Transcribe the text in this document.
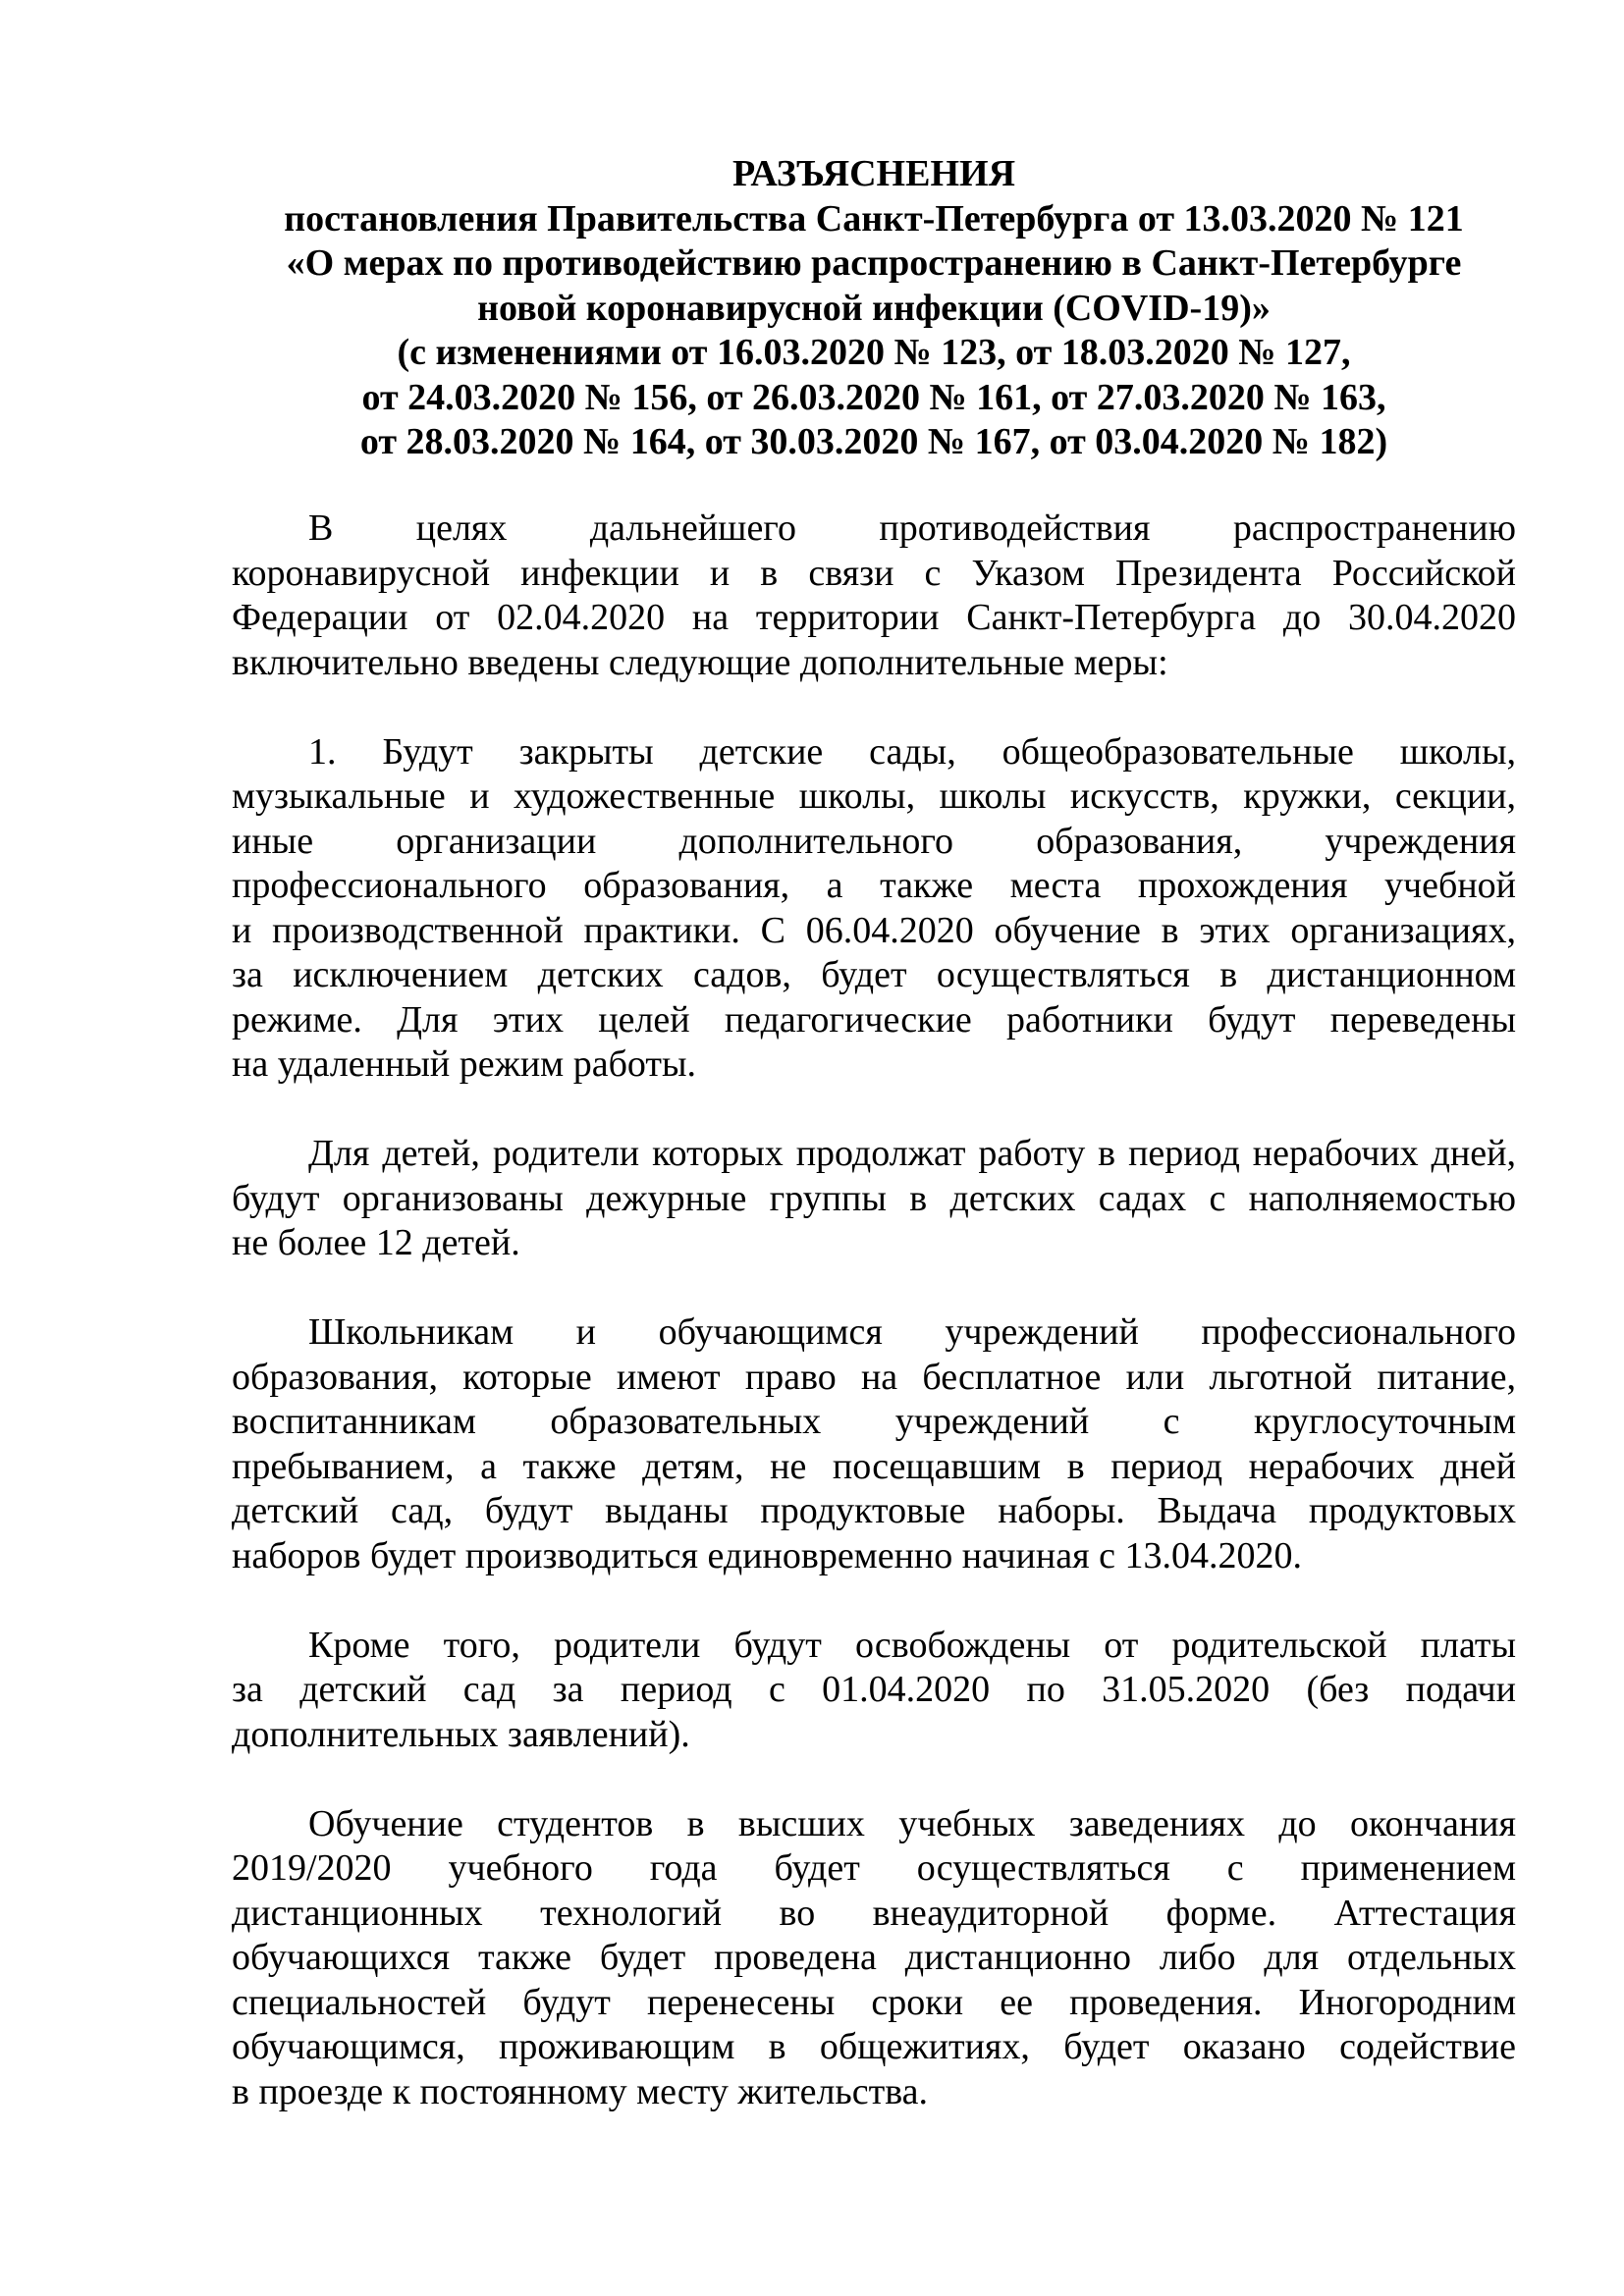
РАЗЪЯСНЕНИЯ
постановления Правительства Санкт-Петербурга от 13.03.2020 № 121
«О мерах по противодействию распространению в Санкт-Петербурге
новой коронавирусной инфекции (COVID-19)»
(с изменениями от 16.03.2020 № 123, от 18.03.2020 № 127,
от 24.03.2020 № 156, от 26.03.2020 № 161, от 27.03.2020 № 163,
от 28.03.2020 № 164, от 30.03.2020 № 167, от 03.04.2020 № 182)
В целях дальнейшего противодействия распространению
коронавирусной инфекции и в связи с Указом Президента Российской
Федерации от 02.04.2020 на территории Санкт-Петербурга до 30.04.2020
включительно введены следующие дополнительные меры:
1. Будут закрыты детские сады, общеобразовательные школы,
музыкальные и художественные школы, школы искусств, кружки, секции,
иные организации дополнительного образования, учреждения
профессионального образования, а также места прохождения учебной
и производственной практики. С 06.04.2020 обучение в этих организациях,
за исключением детских садов, будет осуществляться в дистанционном
режиме. Для этих целей педагогические работники будут переведены
на удаленный режим работы.
Для детей, родители которых продолжат работу в период нерабочих дней,
будут организованы дежурные группы в детских садах с наполняемостью
не более 12 детей.
Школьникам и обучающимся учреждений профессионального
образования, которые имеют право на бесплатное или льготной питание,
воспитанникам образовательных учреждений с круглосуточным
пребыванием, а также детям, не посещавшим в период нерабочих дней
детский сад, будут выданы продуктовые наборы. Выдача продуктовых
наборов будет производиться единовременно начиная с 13.04.2020.
Кроме того, родители будут освобождены от родительской платы
за детский сад за период с 01.04.2020 по 31.05.2020 (без подачи
дополнительных заявлений).
Обучение студентов в высших учебных заведениях до окончания
2019/2020 учебного года будет осуществляться с применением
дистанционных технологий во внеаудиторной форме. Аттестация
обучающихся также будет проведена дистанционно либо для отдельных
специальностей будут перенесены сроки ее проведения. Иногородним
обучающимся, проживающим в общежитиях, будет оказано содействие
в проезде к постоянному месту жительства.
